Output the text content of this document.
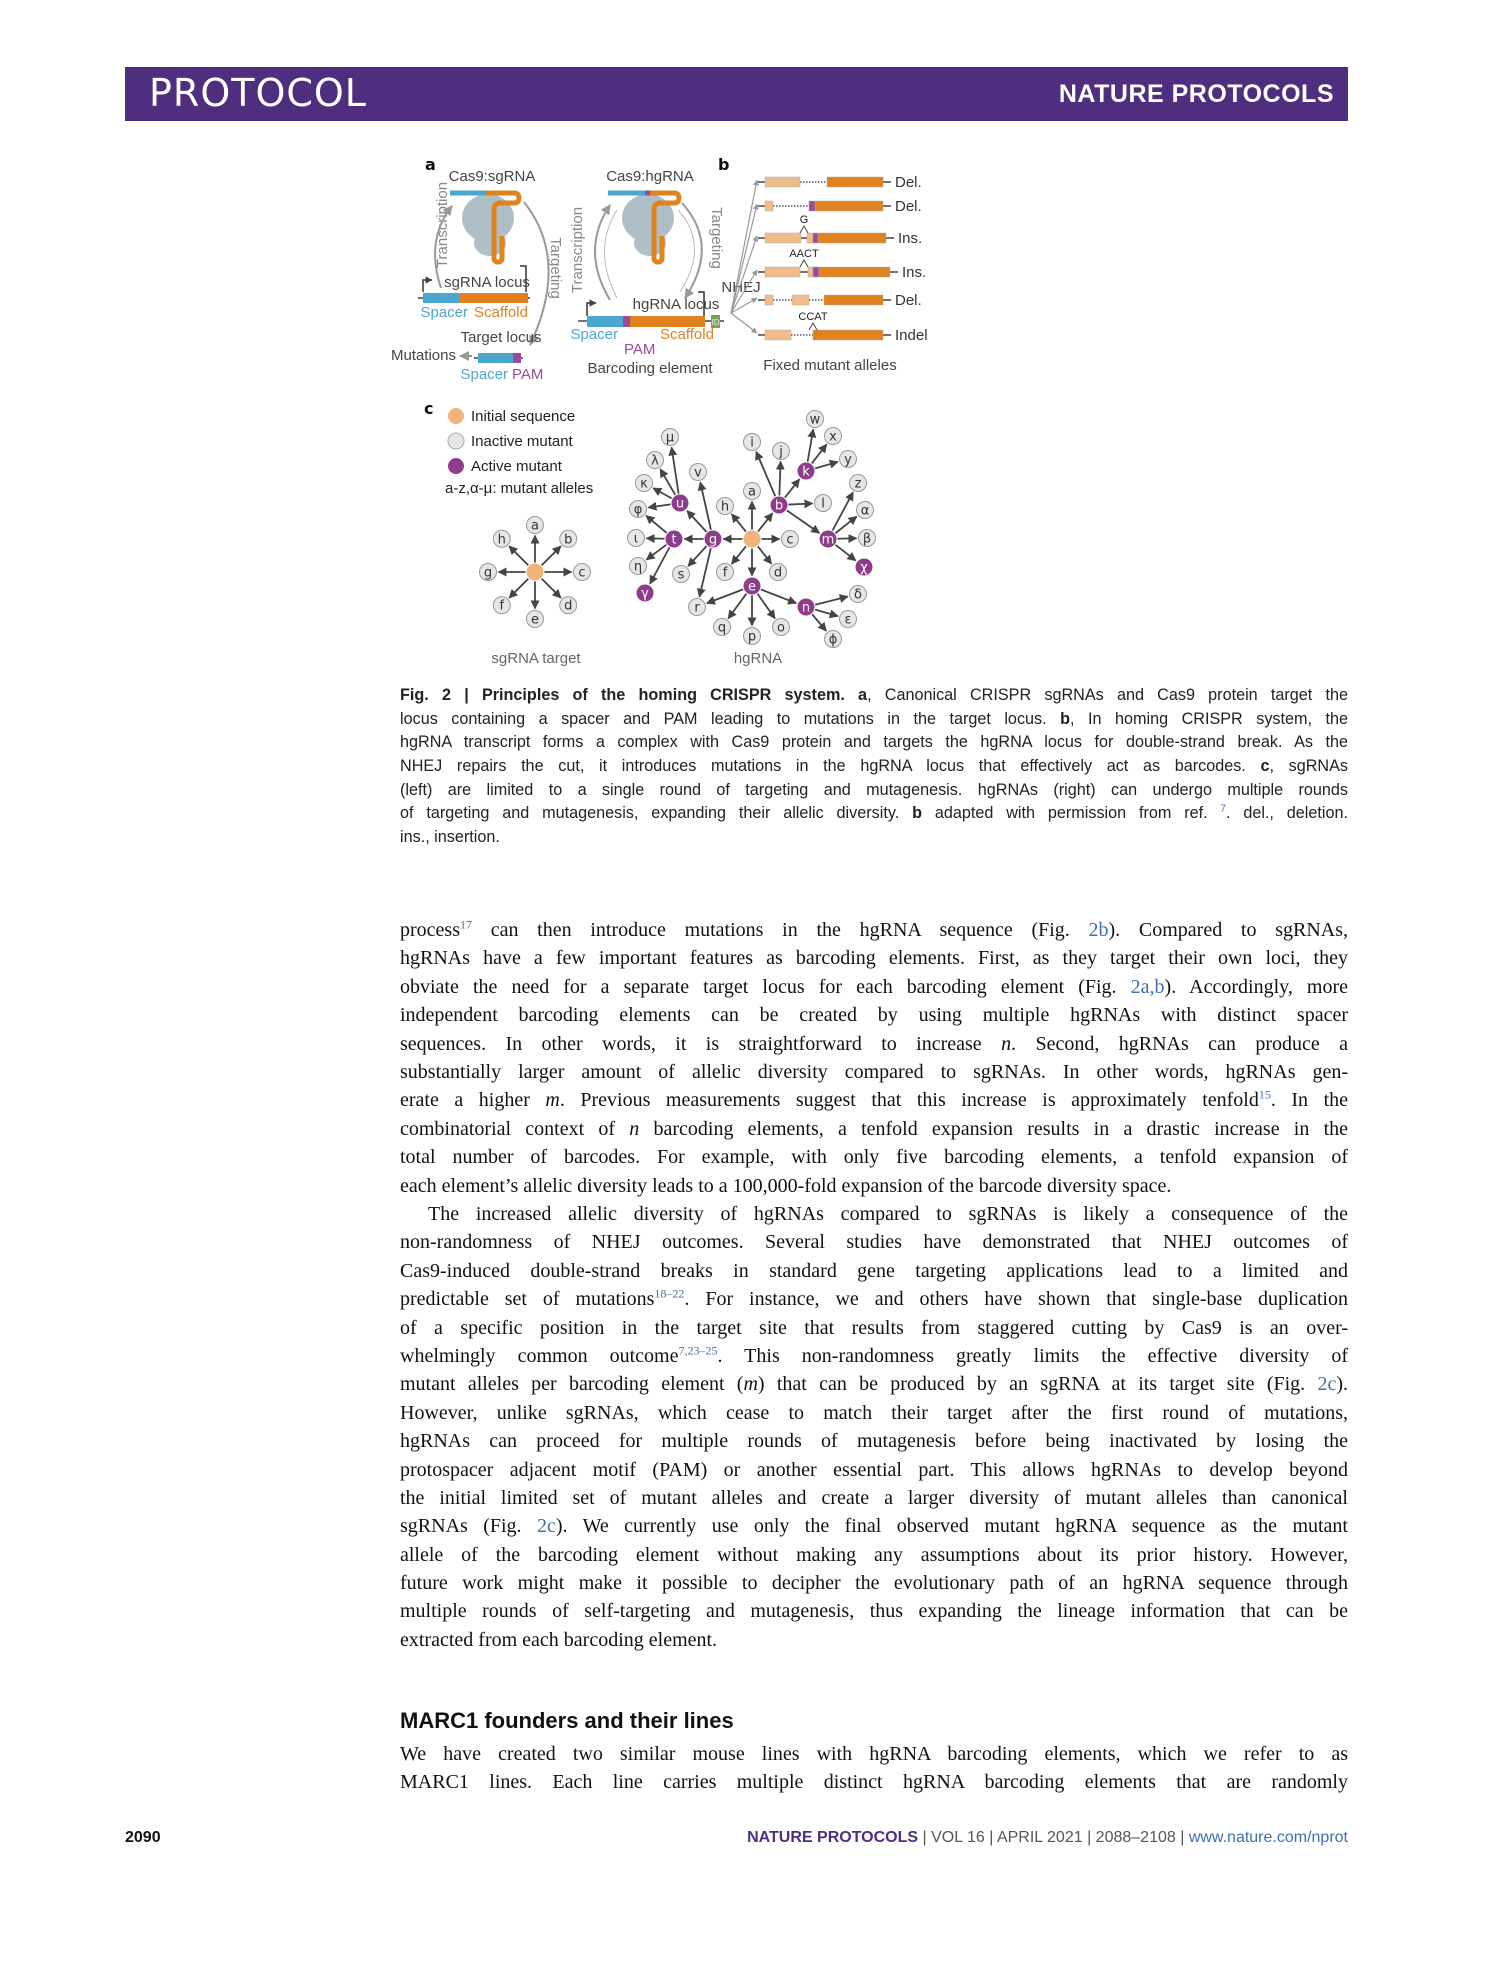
PROTOCOL	NATURE PROTOCOLS
a
Cas9:sgRNA
Transcription	Targeting
sgRNA locus
Spacer Scaffold
Target locus
Mutations
Spacer PAM
b
Cas9:hgRNA
Transcription	Targeting
hgRNA locus
ID
Spacer
PAM
Scaffold
Barcoding element
NHEJ
Del.
Del.
G
Ins.
AACT
Ins.
Del.
CCAT
Indel
Fixed mutant alleles
c	Initial sequence
Inactive mutant
Active mutant
a-z,α-μ: mutant alleles
a
b
c
d
e
f
g
h
a
b
c
d
e
f
g
h
i
j
k
l
m
w
x
y
z
α
β
χ
n
o
p
q
r
δ
ε
ϕ
s
t
u
v
μ
λ
κ
φ
ι
η
γ
sgRNA target	hgRNA
Fig. 2 | Principles of the homing CRISPR system. a, Canonical CRISPR sgRNAs and Cas9 protein target the
locus containing a spacer and PAM leading to mutations in the target locus. b, In homing CRISPR system, the
hgRNA transcript forms a complex with Cas9 protein and targets the hgRNA locus for double-strand break. As the
NHEJ repairs the cut, it introduces mutations in the hgRNA locus that effectively act as barcodes. c, sgRNAs
(left) are limited to a single round of targeting and mutagenesis. hgRNAs (right) can undergo multiple rounds
of targeting and mutagenesis, expanding their allelic diversity. b adapted with permission from ref. $^7$. del., deletion.
ins., insertion.
process$^{17}$ can then introduce mutations in the hgRNA sequence (Fig. 2b). Compared to sgRNAs,
hgRNAs have a few important features as barcoding elements. First, as they target their own loci, they
obviate the need for a separate target locus for each barcoding element (Fig. 2a,b). Accordingly, more
independent barcoding elements can be created by using multiple hgRNAs with distinct spacer
sequences. In other words, it is straightforward to increase n. Second, hgRNAs can produce a
substantially larger amount of allelic diversity compared to sgRNAs. In other words, hgRNAs gen-
erate a higher m. Previous measurements suggest that this increase is approximately tenfold$^{15}$. In the
combinatorial context of n barcoding elements, a tenfold expansion results in a drastic increase in the
total number of barcodes. For example, with only five barcoding elements, a tenfold expansion of
each element’s allelic diversity leads to a 100,000-fold expansion of the barcode diversity space.
The increased allelic diversity of hgRNAs compared to sgRNAs is likely a consequence of the
non-randomness of NHEJ outcomes. Several studies have demonstrated that NHEJ outcomes of
Cas9-induced double-strand breaks in standard gene targeting applications lead to a limited and
predictable set of mutations$^{18-22}$. For instance, we and others have shown that single-base duplication
of a specific position in the target site that results from staggered cutting by Cas9 is an over-
whelmingly common outcome$^{7,23-25}$. This non-randomness greatly limits the effective diversity of
mutant alleles per barcoding element (m) that can be produced by an sgRNA at its target site (Fig. 2c).
However, unlike sgRNAs, which cease to match their target after the first round of mutations,
hgRNAs can proceed for multiple rounds of mutagenesis before being inactivated by losing the
protospacer adjacent motif (PAM) or another essential part. This allows hgRNAs to develop beyond
the initial limited set of mutant alleles and create a larger diversity of mutant alleles than canonical
sgRNAs (Fig. 2c). We currently use only the final observed mutant hgRNA sequence as the mutant
allele of the barcoding element without making any assumptions about its prior history. However,
future work might make it possible to decipher the evolutionary path of an hgRNA sequence through
multiple rounds of self-targeting and mutagenesis, thus expanding the lineage information that can be
extracted from each barcoding element.
MARC1 founders and their lines
We have created two similar mouse lines with hgRNA barcoding elements, which we refer to as
MARC1 lines. Each line carries multiple distinct hgRNA barcoding elements that are randomly
2090	NATURE PROTOCOLS | VOL 16 | APRIL 2021 | 2088–2108 | www.nature.com/nprot
